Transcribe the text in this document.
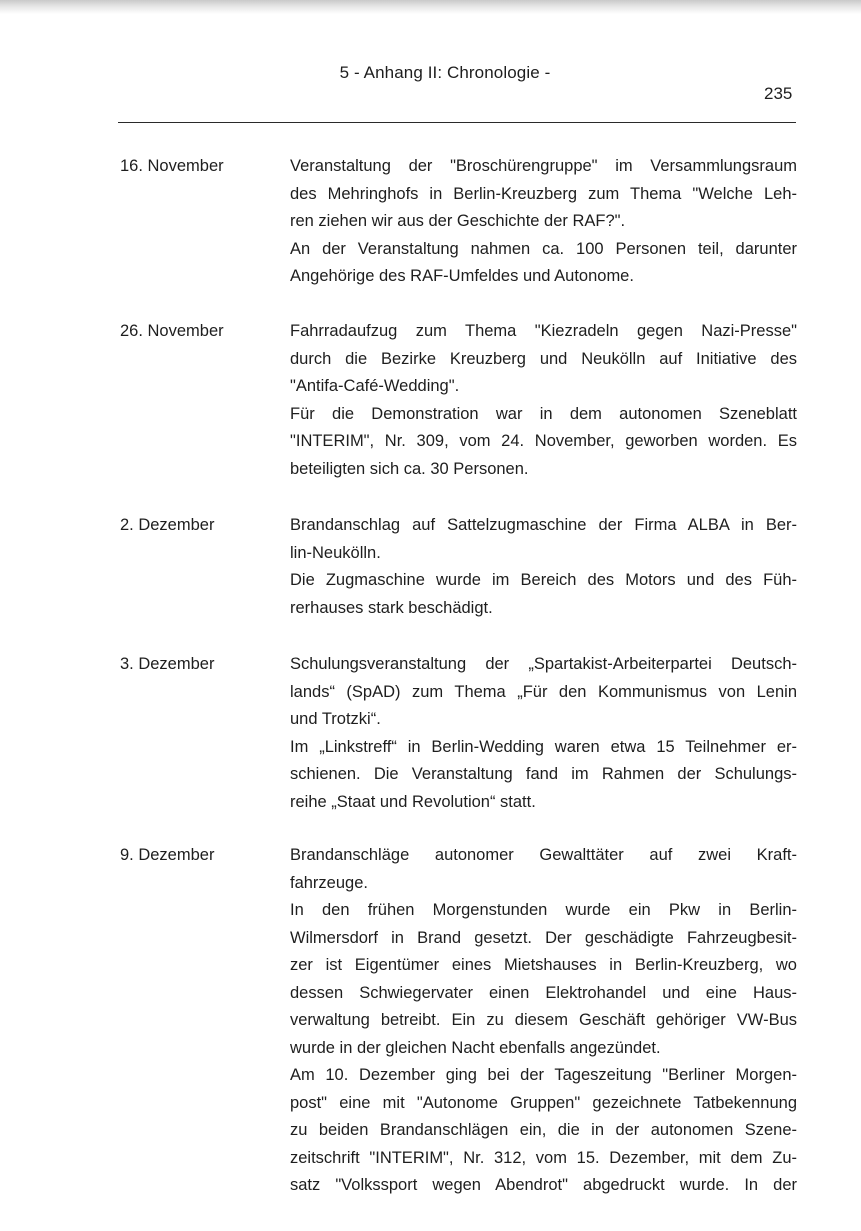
5 - Anhang II: Chronologie -
235
16. November	Veranstaltung der "Broschürengruppe" im Versammlungsraum
des Mehringhofs in Berlin-Kreuzberg zum Thema "Welche Leh-
ren ziehen wir aus der Geschichte der RAF?".
An der Veranstaltung nahmen ca. 100 Personen teil, darunter
Angehörige des RAF-Umfeldes und Autonome.
26. November	Fahrradaufzug zum Thema "Kiezradeln gegen Nazi-Presse"
durch die Bezirke Kreuzberg und Neukölln auf Initiative des
"Antifa-Café-Wedding".
Für die Demonstration war in dem autonomen Szeneblatt
"INTERIM", Nr. 309, vom 24. November, geworben worden. Es
beteiligten sich ca. 30 Personen.
2. Dezember	Brandanschlag auf Sattelzugmaschine der Firma ALBA in Ber-
lin-Neukölln.
Die Zugmaschine wurde im Bereich des Motors und des Füh-
rerhauses stark beschädigt.
3. Dezember	Schulungsveranstaltung der „Spartakist-Arbeiterpartei Deutsch-
lands“ (SpAD) zum Thema „Für den Kommunismus von Lenin
und Trotzki“.
Im „Linkstreff“ in Berlin-Wedding waren etwa 15 Teilnehmer er-
schienen. Die Veranstaltung fand im Rahmen der Schulungs-
reihe „Staat und Revolution“ statt.
9. Dezember	Brandanschläge autonomer Gewalttäter auf zwei Kraft-
fahrzeuge.
In den frühen Morgenstunden wurde ein Pkw in Berlin-
Wilmersdorf in Brand gesetzt. Der geschädigte Fahrzeugbesit-
zer ist Eigentümer eines Mietshauses in Berlin-Kreuzberg, wo
dessen Schwiegervater einen Elektrohandel und eine Haus-
verwaltung betreibt. Ein zu diesem Geschäft gehöriger VW-Bus
wurde in der gleichen Nacht ebenfalls angezündet.
Am 10. Dezember ging bei der Tageszeitung "Berliner Morgen-
post" eine mit "Autonome Gruppen" gezeichnete Tatbekennung
zu beiden Brandanschlägen ein, die in der autonomen Szene-
zeitschrift "INTERIM", Nr. 312, vom 15. Dezember, mit dem Zu-
satz "Volkssport wegen Abendrot" abgedruckt wurde. In der
